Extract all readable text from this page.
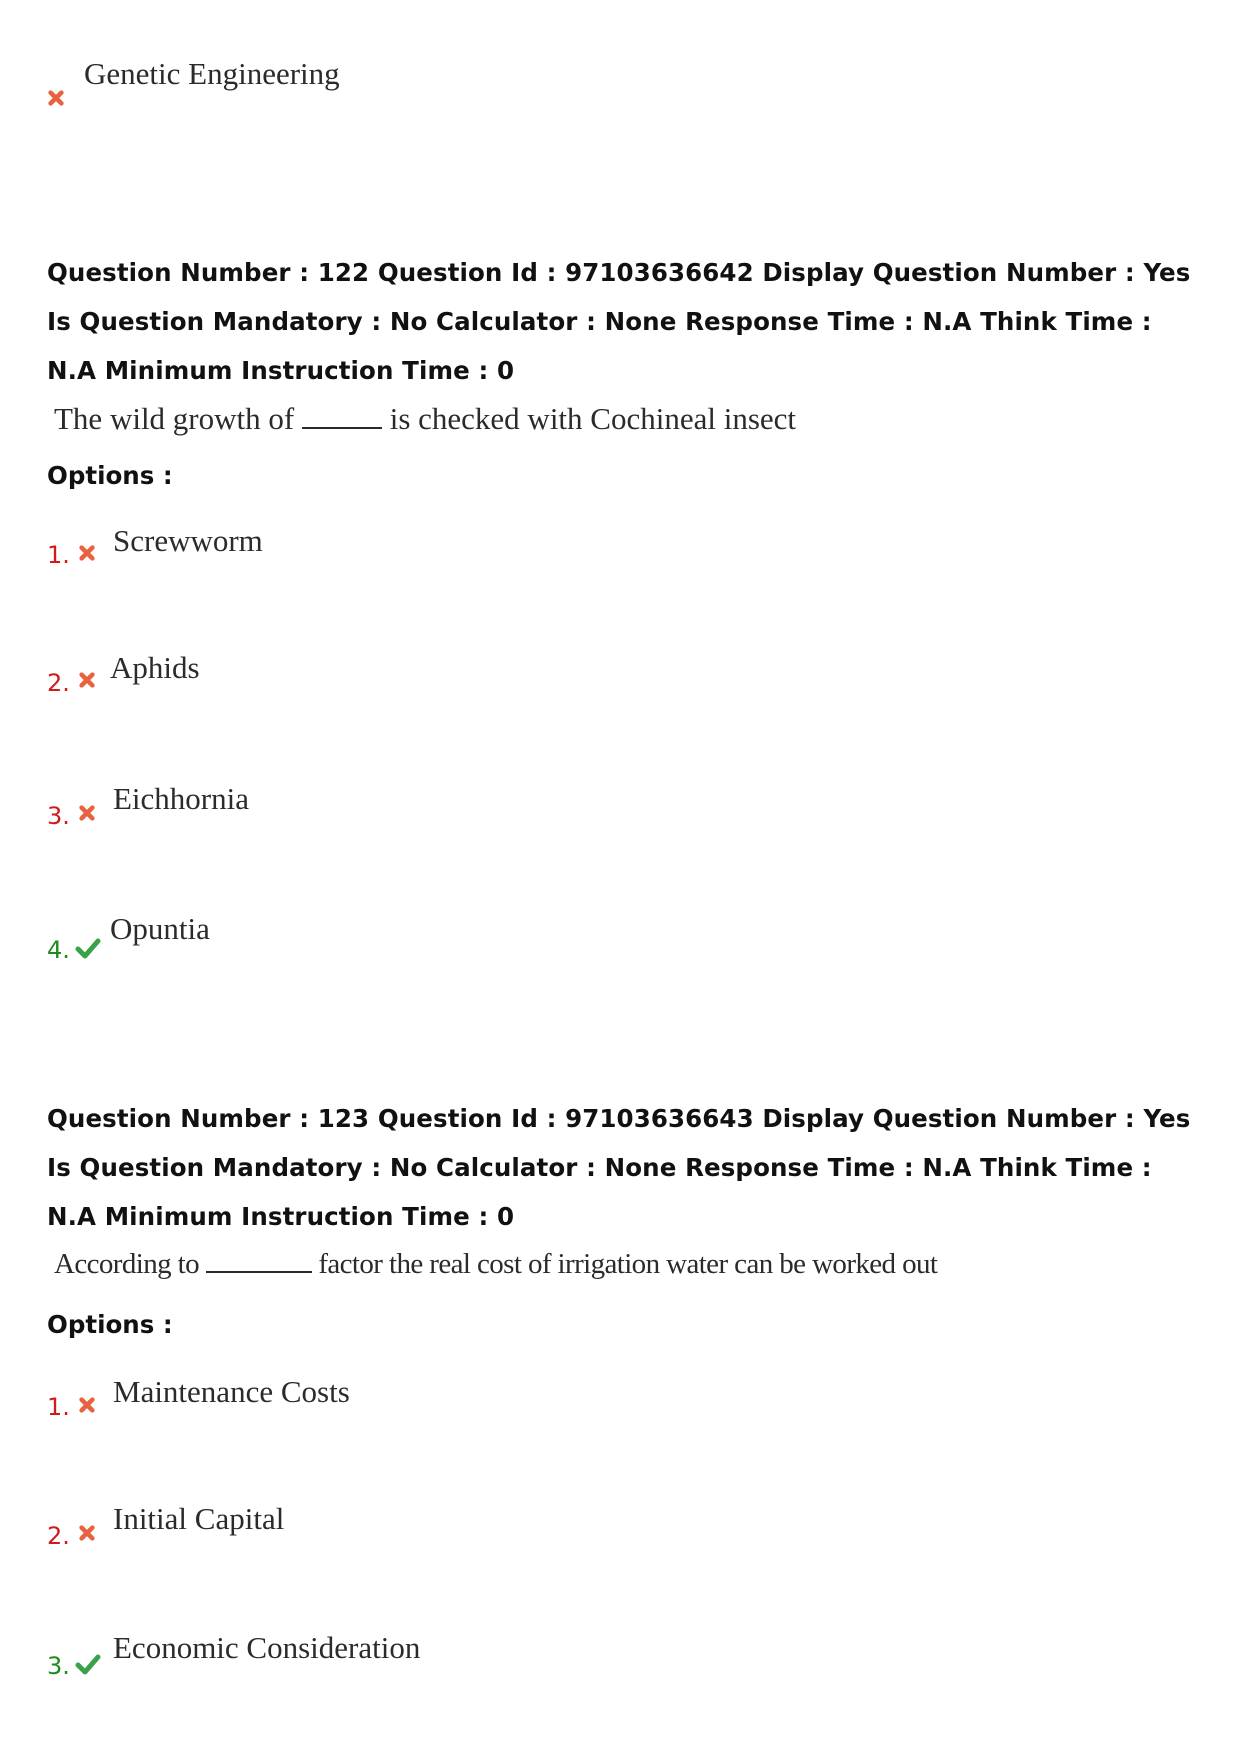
Genetic Engineering
Question Number : 122 Question Id : 97103636642 Display Question Number : Yes Is Question Mandatory : No Calculator : None Response Time : N.A Think Time : N.A Minimum Instruction Time : 0
The wild growth of	is checked with Cochineal insect
Options :
1. Screwworm
2. Aphids
3. Eichhornia
4.
Opuntia
Question Number : 123 Question Id : 97103636643 Display Question Number : Yes Is Question Mandatory : No Calculator : None Response Time : N.A Think Time : N.A Minimum Instruction Time : 0
According to	factor the real cost of irrigation water can be worked out
Options :
1. Maintenance Costs
2. Initial Capital
3.
Economic Consideration
